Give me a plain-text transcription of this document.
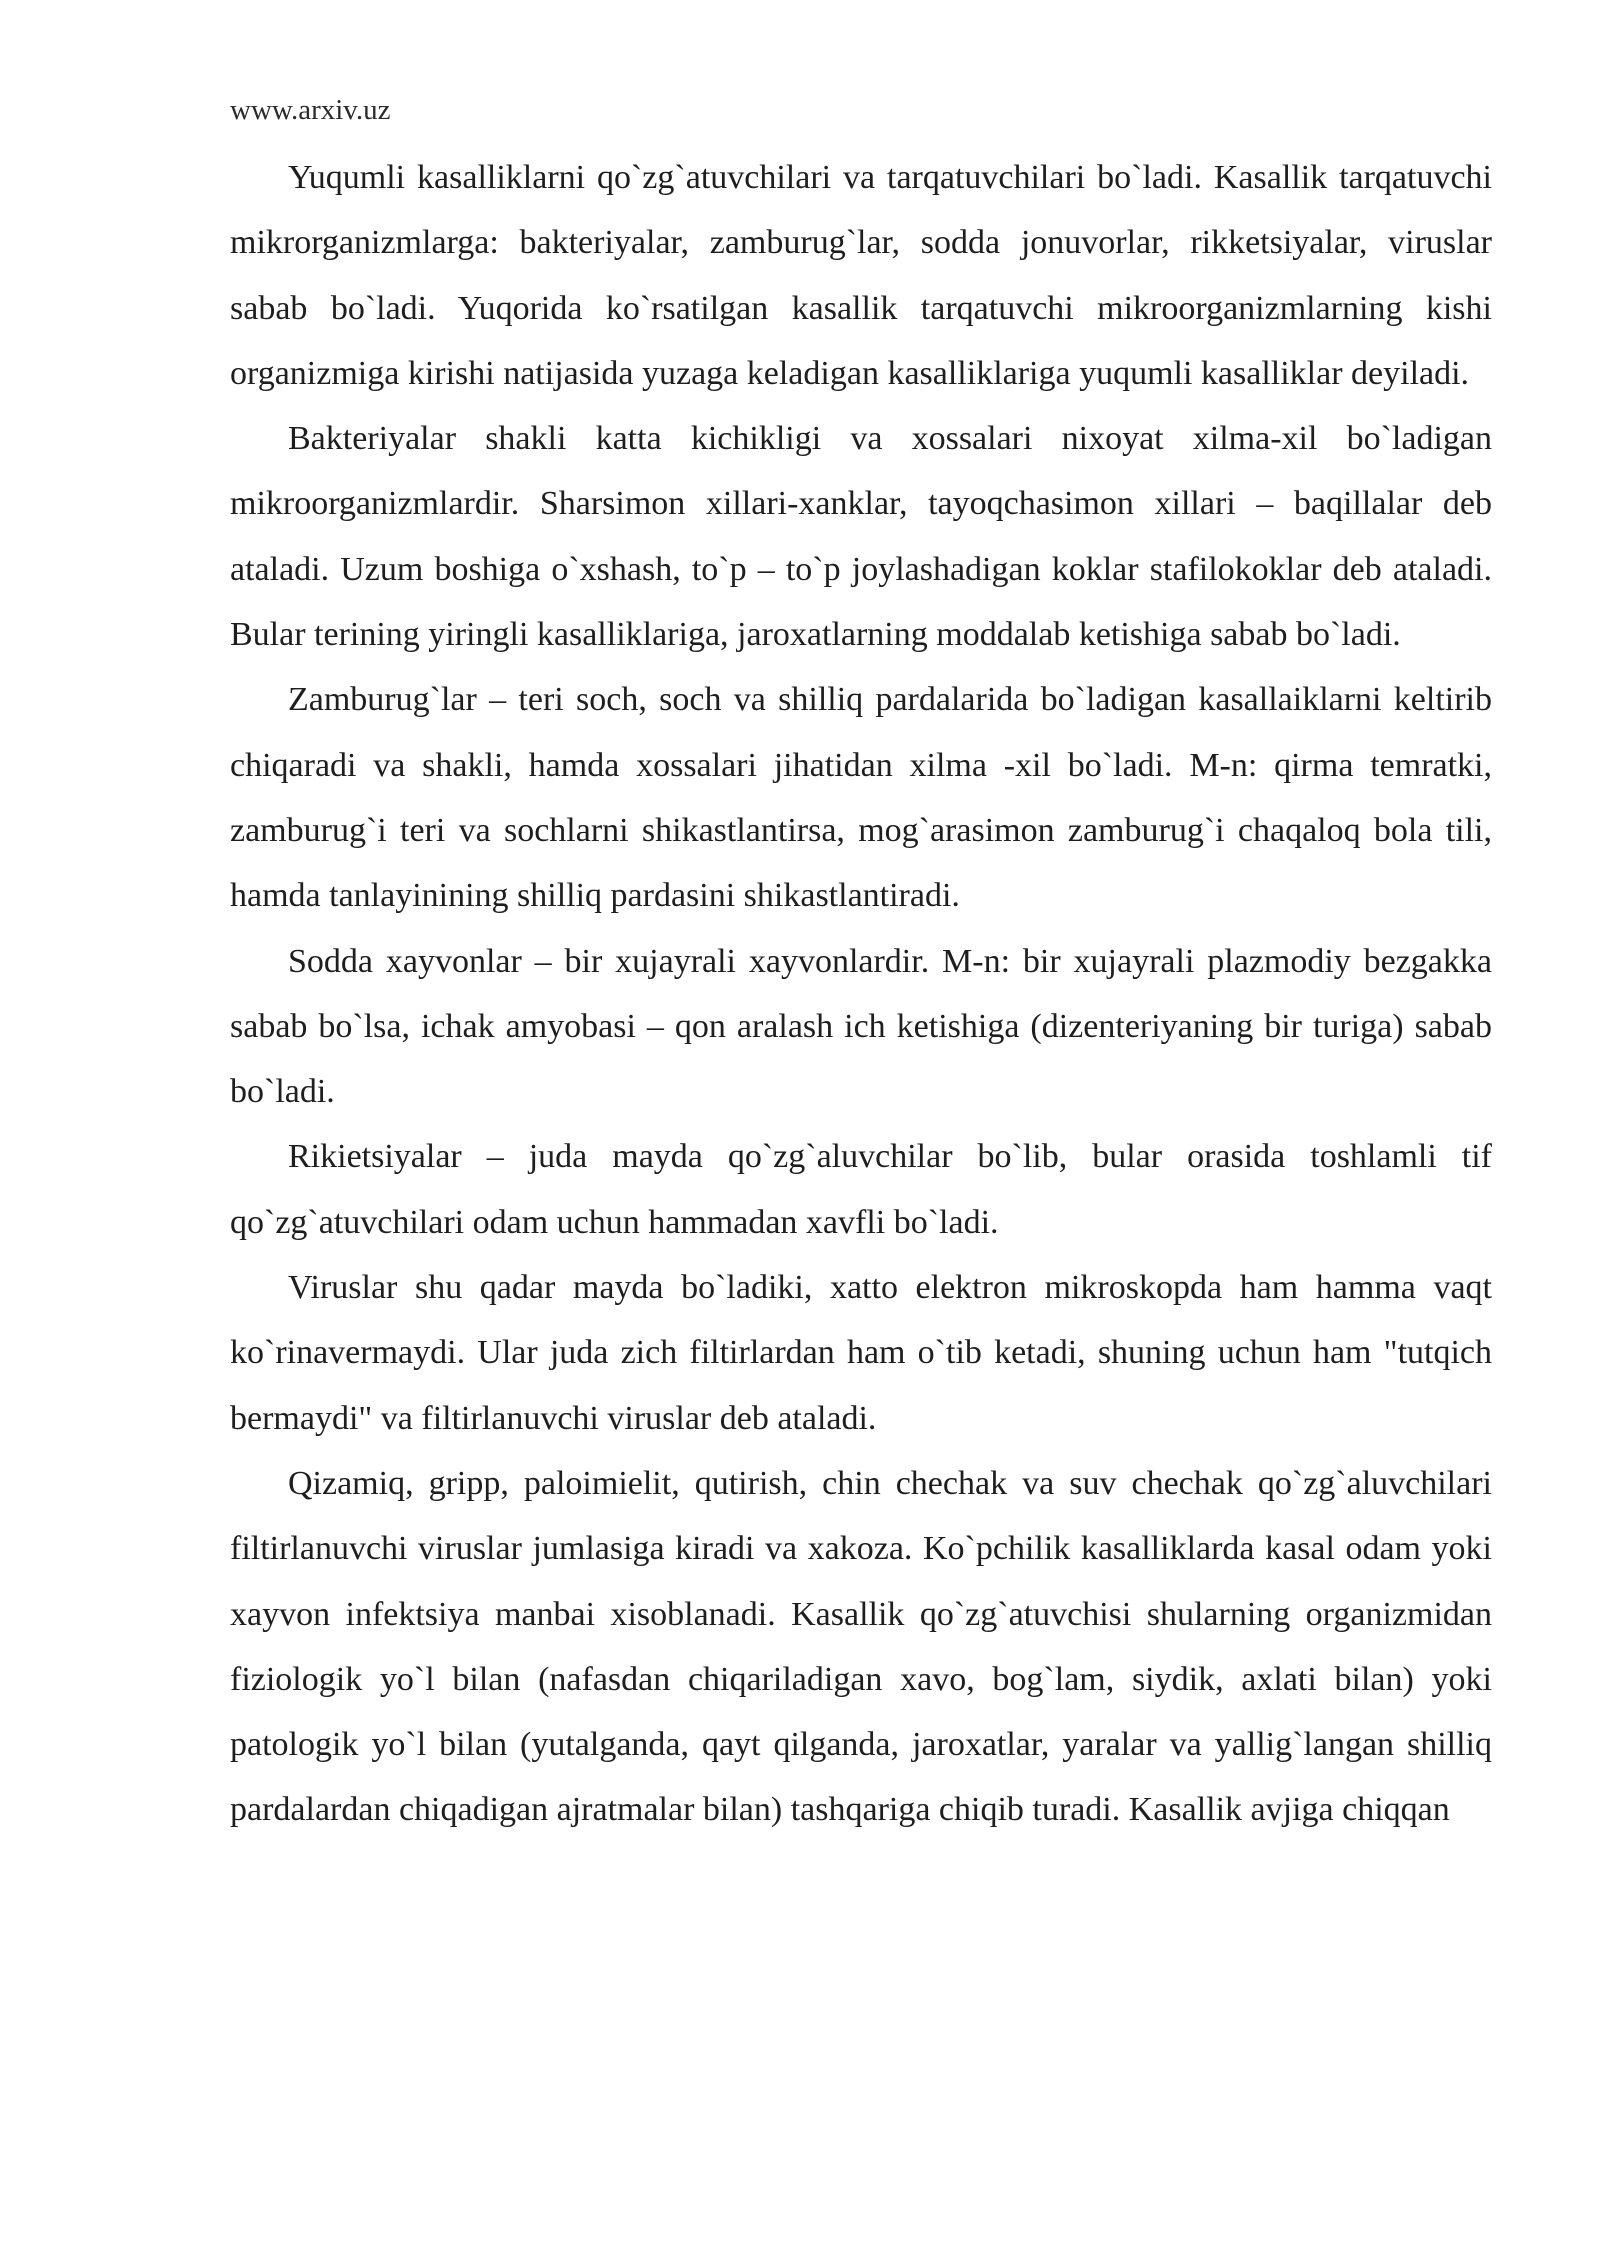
www.arxiv.uz

Yuqumli kasalliklarni qo`zg`atuvchilari va tarqatuvchilari bo`ladi. Kasallik tarqatuvchi mikrorganizmlarga: bakteriyalar, zamburug`lar, sodda jonuvorlar, rikketsiyalar, viruslar sabab bo`ladi. Yuqorida ko`rsatilgan kasallik tarqatuvchi mikroorganizmlarning kishi organizmiga kirishi natijasida yuzaga keladigan kasalliklariga yuqumli kasalliklar deyiladi.

Bakteriyalar shakli katta kichikligi va xossalari nixoyat xilma-xil bo`ladigan mikroorganizmlardir. Sharsimon xillari-xanklar, tayoqchasimon xillari – baqillalar deb ataladi. Uzum boshiga o`xshash, to`p – to`p joylashadigan koklar stafilokoklar deb ataladi. Bular terining yiringli kasalliklariga, jaroxatlarning moddalab ketishiga sabab bo`ladi.

Zamburug`lar – teri soch, soch va shilliq pardalarida bo`ladigan kasallaiklarni keltirib chiqaradi va shakli, hamda xossalari jihatidan xilma -xil bo`ladi. M-n: qirma temratki, zamburug`i teri va sochlarni shikastlantirsa, mog`arasimon zamburug`i chaqaloq bola tili, hamda tanlayinining shilliq pardasini shikastlantiradi.

Sodda xayvonlar – bir xujayrali xayvonlardir. M-n: bir xujayrali plazmodiy bezgakka sabab bo`lsa, ichak amyobasi – qon aralash ich ketishiga (dizenteriyaning bir turiga) sabab bo`ladi.

Rikietsiyalar – juda mayda qo`zg`aluvchilar bo`lib, bular orasida toshlamli tif qo`zg`atuvchilari odam uchun hammadan xavfli bo`ladi.

Viruslar shu qadar mayda bo`ladiki, xatto elektron mikroskopda ham hamma vaqt ko`rinavermaydi. Ular juda zich filtirlardan ham o`tib ketadi, shuning uchun ham "tutqich bermaydi" va filtirlanuvchi viruslar deb ataladi.

Qizamiq, gripp, paloimielit, qutirish, chin chechak va suv chechak qo`zg`aluvchilari filtirlanuvchi viruslar jumlasiga kiradi va xakoza. Ko`pchilik kasalliklarda kasal odam yoki xayvon infektsiya manbai xisoblanadi. Kasallik qo`zg`atuvchisi shularning organizmidan fiziologik yo`l bilan (nafasdan chiqariladigan xavo, bog`lam, siydik, axlati bilan) yoki patologik yo`l bilan (yutalganda, qayt qilganda, jaroxatlar, yaralar va yallig`langan shilliq pardalardan chiqadigan ajratmalar bilan) tashqariga chiqib turadi. Kasallik avjiga chiqqan
